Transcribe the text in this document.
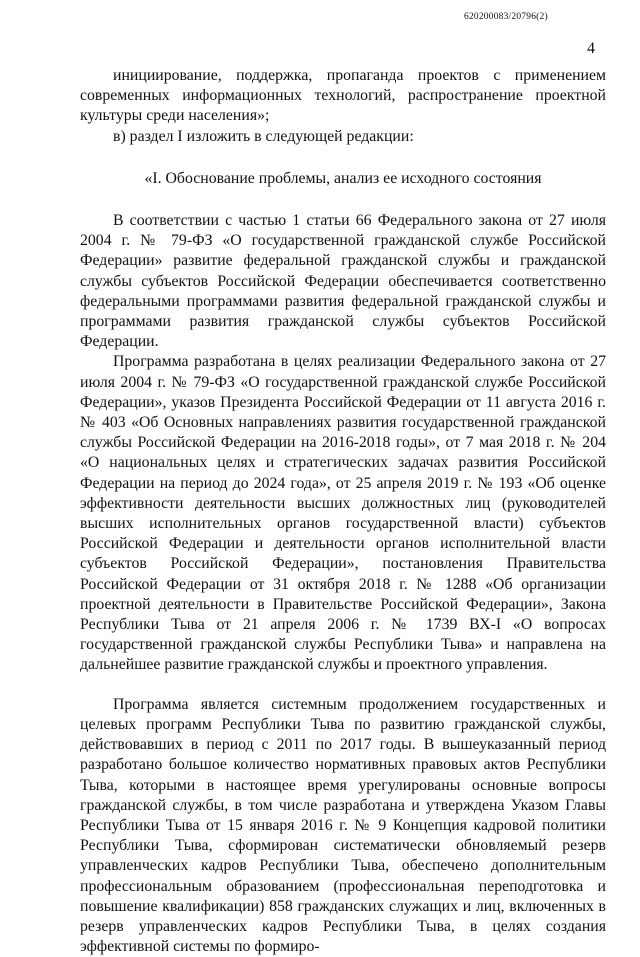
620200083/20796(2)
4

инициирование, поддержка, пропаганда проектов с применением современных информационных технологий, распространение проектной культуры среди населения»;

в) раздел I изложить в следующей редакции:

«I. Обоснование проблемы, анализ ее исходного состояния

В соответствии с частью 1 статьи 66 Федерального закона от 27 июля 2004 г. № 79-ФЗ «О государственной гражданской службе Российской Федерации» развитие федеральной гражданской службы и гражданской службы субъектов Российской Федерации обеспечивается соответственно федеральными программами развития федеральной гражданской службы и программами развития гражданской службы субъектов Российской Федерации.

Программа разработана в целях реализации Федерального закона от 27 июля 2004 г. № 79-ФЗ «О государственной гражданской службе Российской Федерации», указов Президента Российской Федерации от 11 августа 2016 г. № 403 «Об Основных направлениях развития государственной гражданской службы Российской Федерации на 2016-2018 годы», от 7 мая 2018 г. № 204 «О национальных целях и стратегических задачах развития Российской Федерации на период до 2024 года», от 25 апреля 2019 г. № 193 «Об оценке эффективности деятельности высших должностных лиц (руководителей высших исполнительных органов государственной власти) субъектов Российской Федерации и деятельности органов исполнительной власти субъектов Российской Федерации», постановления Правительства Российской Федерации от 31 октября 2018 г. № 1288 «Об организации проектной деятельности в Правительстве Российской Федерации», Закона Республики Тыва от 21 апреля 2006 г. № 1739 ВХ-I «О вопросах государственной гражданской службы Республики Тыва» и направлена на дальнейшее развитие гражданской службы и проектного управления.

Программа является системным продолжением государственных и целевых программ Республики Тыва по развитию гражданской службы, действовавших в период с 2011 по 2017 годы. В вышеуказанный период разработано большое количество нормативных правовых актов Республики Тыва, которыми в настоящее время урегулированы основные вопросы гражданской службы, в том числе разработана и утверждена Указом Главы Республики Тыва от 15 января 2016 г. № 9 Концепция кадровой политики Республики Тыва, сформирован систематически обновляемый резерв управленческих кадров Республики Тыва, обеспечено дополнительным профессиональным образованием (профессиональная переподготовка и повышение квалификации) 858 гражданских служащих и лиц, включенных в резерв управленческих кадров Республики Тыва, в целях создания эффективной системы по формиро-
